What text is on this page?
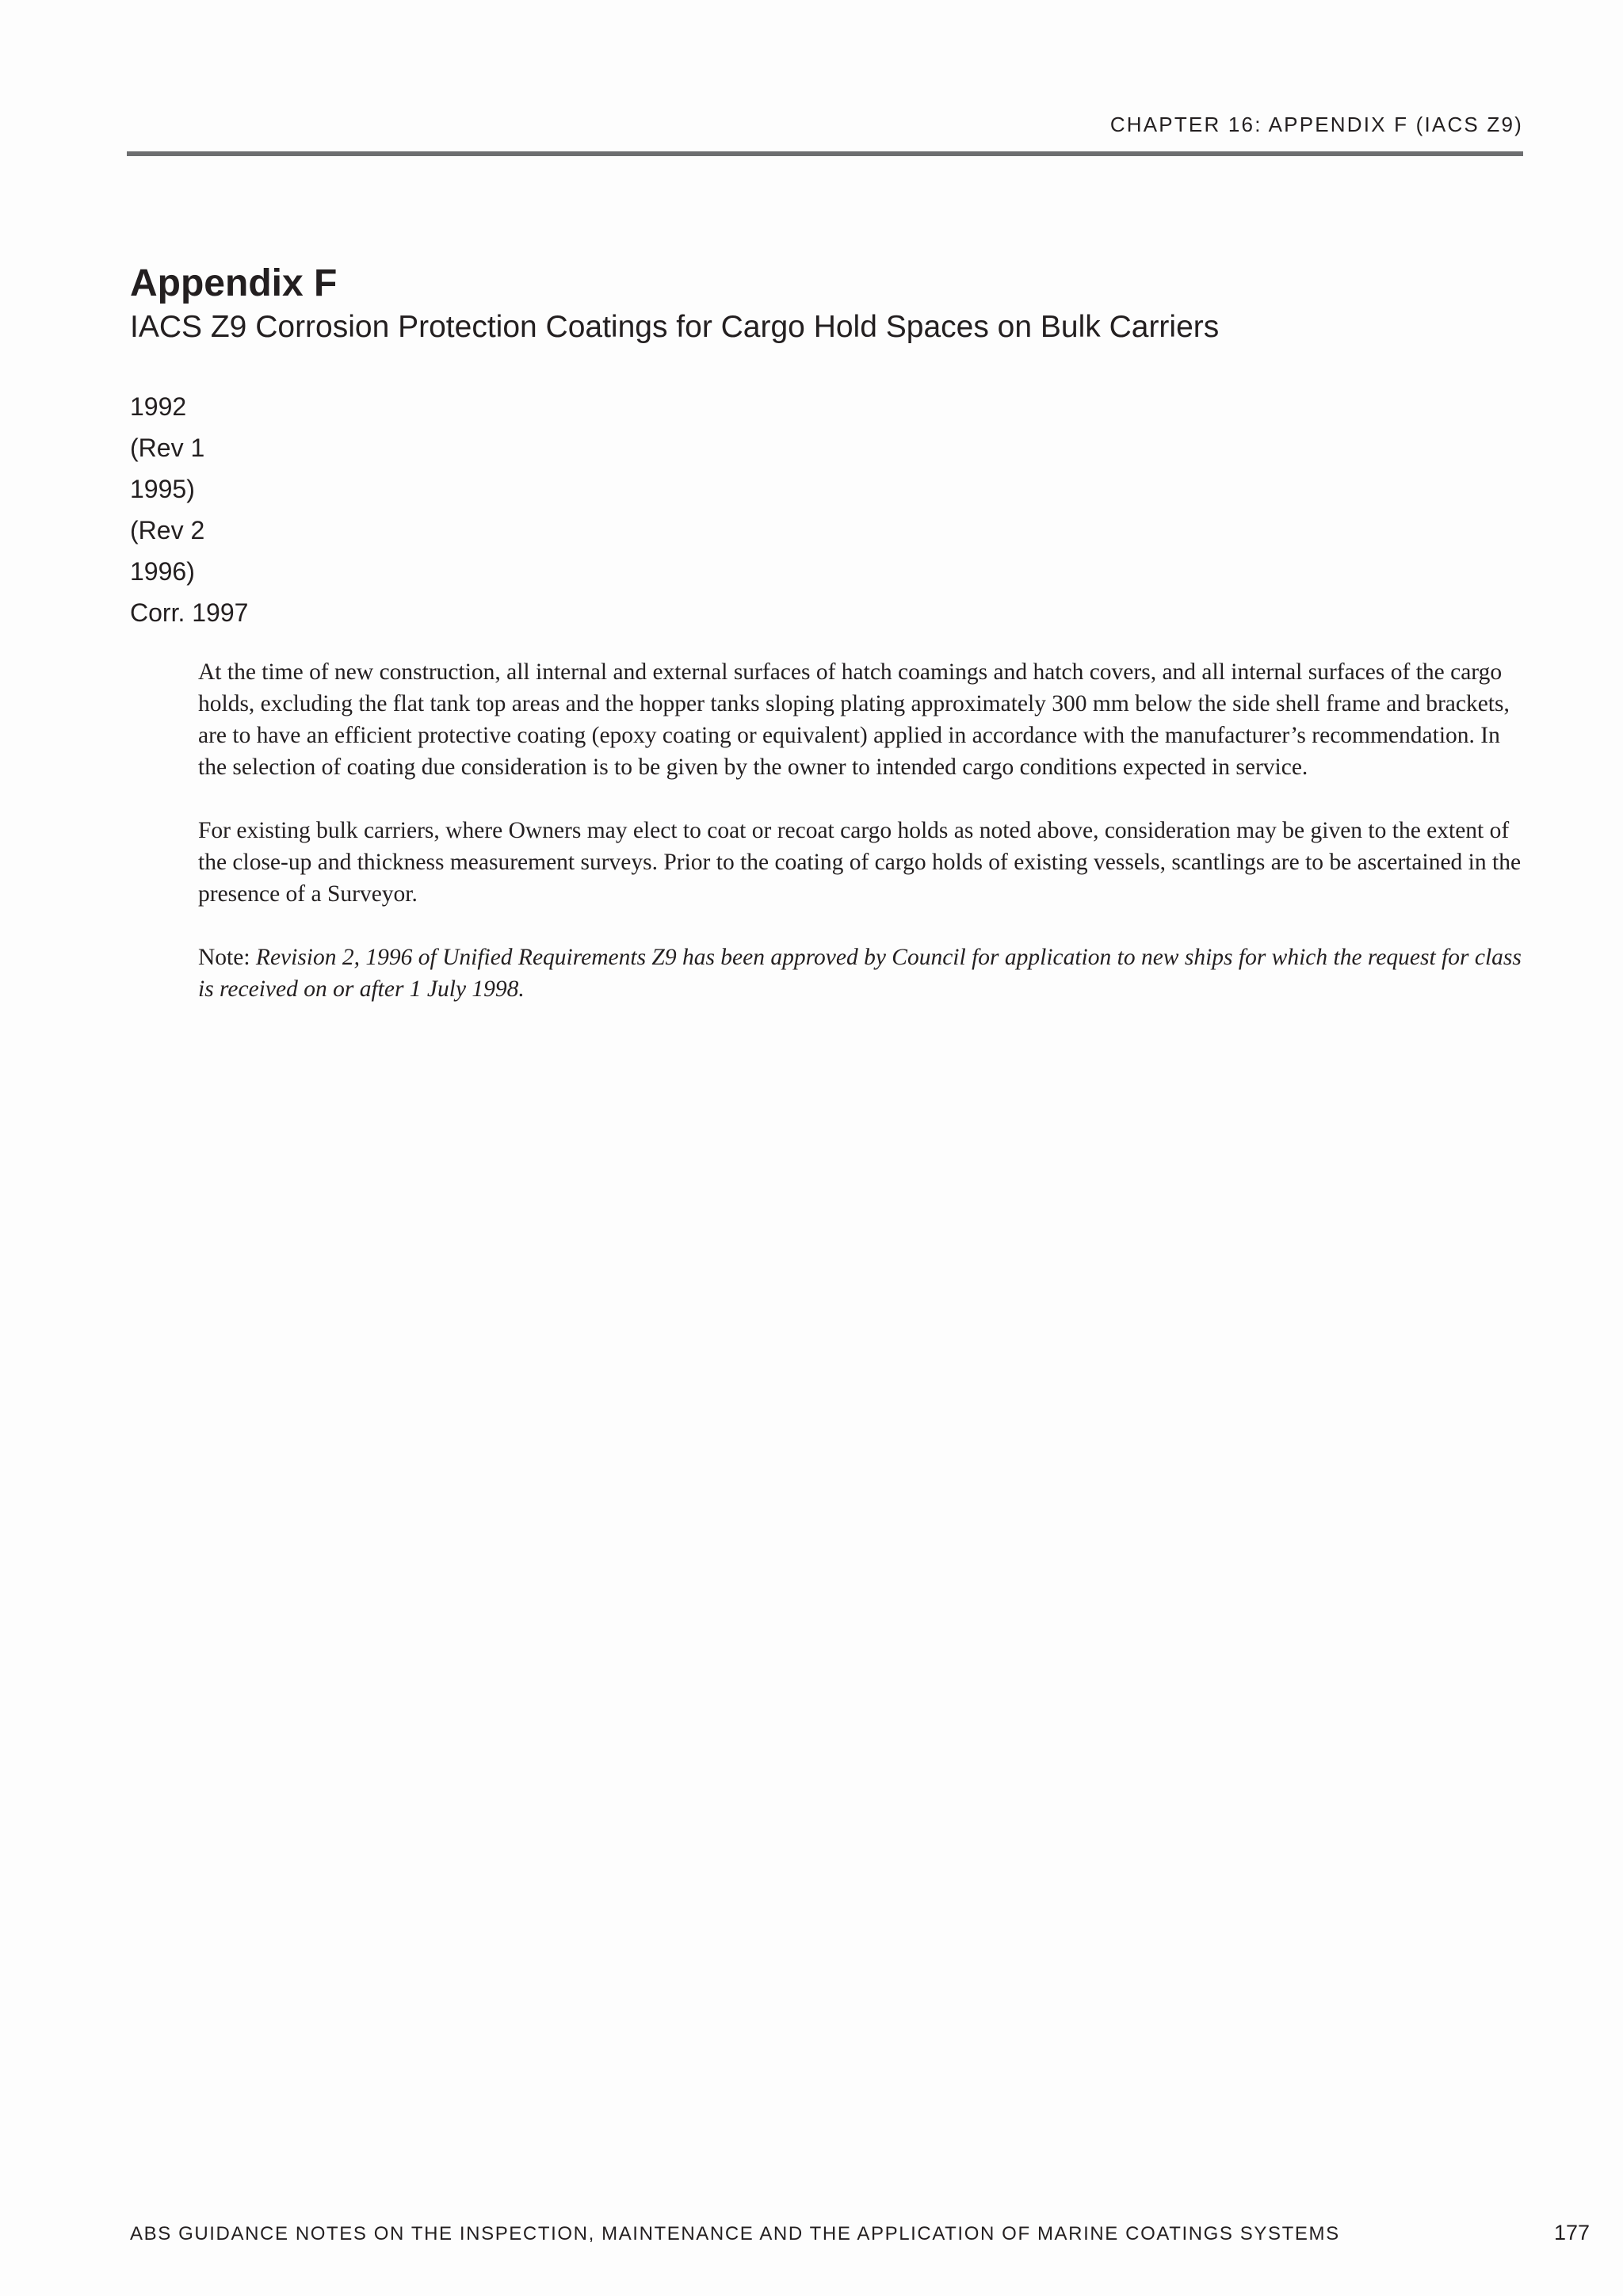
CHAPTER 16: APPENDIX F (IACS Z9)
Appendix F
IACS Z9 Corrosion Protection Coatings for Cargo Hold Spaces on Bulk Carriers
1992
(Rev 1
1995)
(Rev 2
1996)
Corr. 1997

At the time of new construction, all internal and external surfaces of hatch coamings and hatch covers, and all internal surfaces of the cargo holds, excluding the flat tank top areas and the hopper tanks sloping plating approximately 300 mm below the side shell frame and brackets, are to have an efficient protective coating (epoxy coating or equivalent) applied in accordance with the manufacturer’s recommendation. In the selection of coating due consideration is to be given by the owner to intended cargo conditions expected in service.

For existing bulk carriers, where Owners may elect to coat or recoat cargo holds as noted above, consideration may be given to the extent of the close-up and thickness measurement surveys. Prior to the coating of cargo holds of existing vessels, scantlings are to be ascertained in the presence of a Surveyor.

Note: Revision 2, 1996 of Unified Requirements Z9 has been approved by Council for application to new ships for which the request for class is received on or after 1 July 1998.

ABS GUIDANCE NOTES ON THE INSPECTION, MAINTENANCE AND THE APPLICATION OF MARINE COATINGS SYSTEMS	177
